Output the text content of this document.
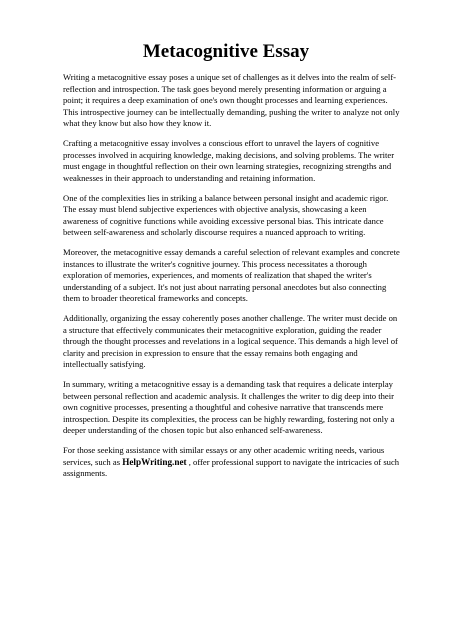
Metacognitive Essay

Writing a metacognitive essay poses a unique set of challenges as it delves into the realm of self-reflection and introspection. The task goes beyond merely presenting information or arguing a point; it requires a deep examination of one's own thought processes and learning experiences. This introspective journey can be intellectually demanding, pushing the writer to analyze not only what they know but also how they know it.

Crafting a metacognitive essay involves a conscious effort to unravel the layers of cognitive processes involved in acquiring knowledge, making decisions, and solving problems. The writer must engage in thoughtful reflection on their own learning strategies, recognizing strengths and weaknesses in their approach to understanding and retaining information.

One of the complexities lies in striking a balance between personal insight and academic rigor. The essay must blend subjective experiences with objective analysis, showcasing a keen awareness of cognitive functions while avoiding excessive personal bias. This intricate dance between self-awareness and scholarly discourse requires a nuanced approach to writing.

Moreover, the metacognitive essay demands a careful selection of relevant examples and concrete instances to illustrate the writer's cognitive journey. This process necessitates a thorough exploration of memories, experiences, and moments of realization that shaped the writer's understanding of a subject. It's not just about narrating personal anecdotes but also connecting them to broader theoretical frameworks and concepts.

Additionally, organizing the essay coherently poses another challenge. The writer must decide on a structure that effectively communicates their metacognitive exploration, guiding the reader through the thought processes and revelations in a logical sequence. This demands a high level of clarity and precision in expression to ensure that the essay remains both engaging and intellectually satisfying.

In summary, writing a metacognitive essay is a demanding task that requires a delicate interplay between personal reflection and academic analysis. It challenges the writer to dig deep into their own cognitive processes, presenting a thoughtful and cohesive narrative that transcends mere introspection. Despite its complexities, the process can be highly rewarding, fostering not only a deeper understanding of the chosen topic but also enhanced self-awareness.

For those seeking assistance with similar essays or any other academic writing needs, various services, such as HelpWriting.net , offer professional support to navigate the intricacies of such assignments.
